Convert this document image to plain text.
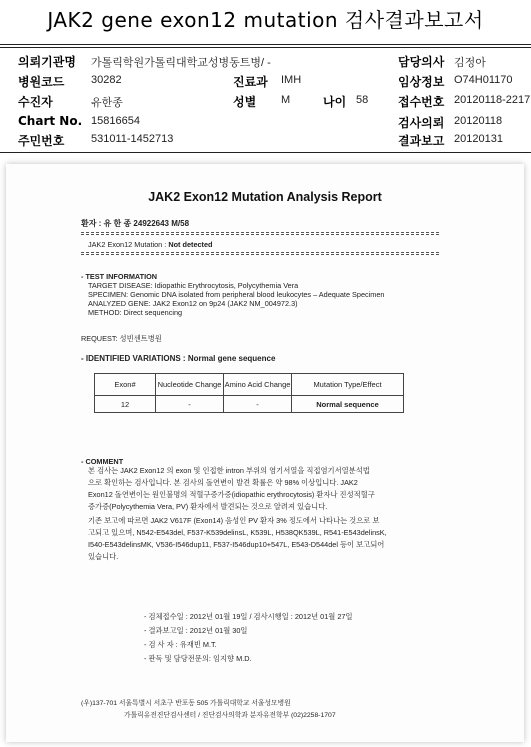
JAK2 gene exon12 mutation 검사결과보고서
의뢰기관명 가톨릭학원가톨릭대학교성병동트병/ -	담당의사 김정아
병원코드 30282	진료과 IMH	임상정보 O74H01170
수진자	유한종	성별 M	나이 58 접수번호 20120118-2217
Chart No. 15816654	검사의뢰 20120118
주민번호 531011-1452713	결과보고 20120131
JAK2 Exon12 Mutation Analysis Report
환자 : 유 한 종 24922643 M/58
JAK2 Exon12 Mutation : Not detected
- TEST INFORMATION
TARGET DISEASE: Idiopathic Erythrocytosis, Polycythemia Vera
SPECIMEN: Genomic DNA isolated from peripheral blood leukocytes – Adequate Specimen
ANALYZED GENE: JAK2 Exon12 on 9p24 (JAK2 NM_004972.3)
METHOD: Direct sequencing
REQUEST: 성빈센트병원
- IDENTIFIED VARIATIONS : Normal gene sequence
Exon#	Nucleotide Change	Amino Acid Change	Mutation Type/Effect
12	-	-	Normal sequence
- COMMENT
본 검사는 JAK2 Exon12 의 exon 및 인접한 intron 부위의 염기서열을 직접염기서열분석법
으로 확인하는 검사입니다. 본 검사의 돌연변이 발견 확률은 약 98% 이상입니다. JAK2
Exon12 돌연변이는 원인불명의 적혈구증가증(idiopathic erythrocytosis) 환자나 진성적혈구
증가증(Polycythemia Vera, PV) 환자에서 발견되는 것으로 알려져 있습니다.
기존 보고에 따르면 JAK2 V617F (Exon14) 음성인 PV 환자 3% 정도에서 나타나는 것으로 보
고되고 있으며, N542-E543del, F537-K539delinsL, K539L, H538QK539L, R541-E543delinsK,
I540-E543delinsMK, V536-I546dup11, F537-I546dup10+547L, E543-D544del 등이 보고되어
있습니다.
- 검체접수일 : 2012년 01월 19일 / 검사시행일 : 2012년 01월 27일
- 결과보고일 : 2012년 01월 30일
- 검 사 자 : 유재빈 M.T.
- 판독 및 담당전문의: 임지향 M.D.
(우)137-701 서울특별시 서초구 반포동 505 가톨릭대학교 서울성모병원
가톨릭유전진단검사센터 / 진단검사의학과 분자유전학부 (02)2258-1707
